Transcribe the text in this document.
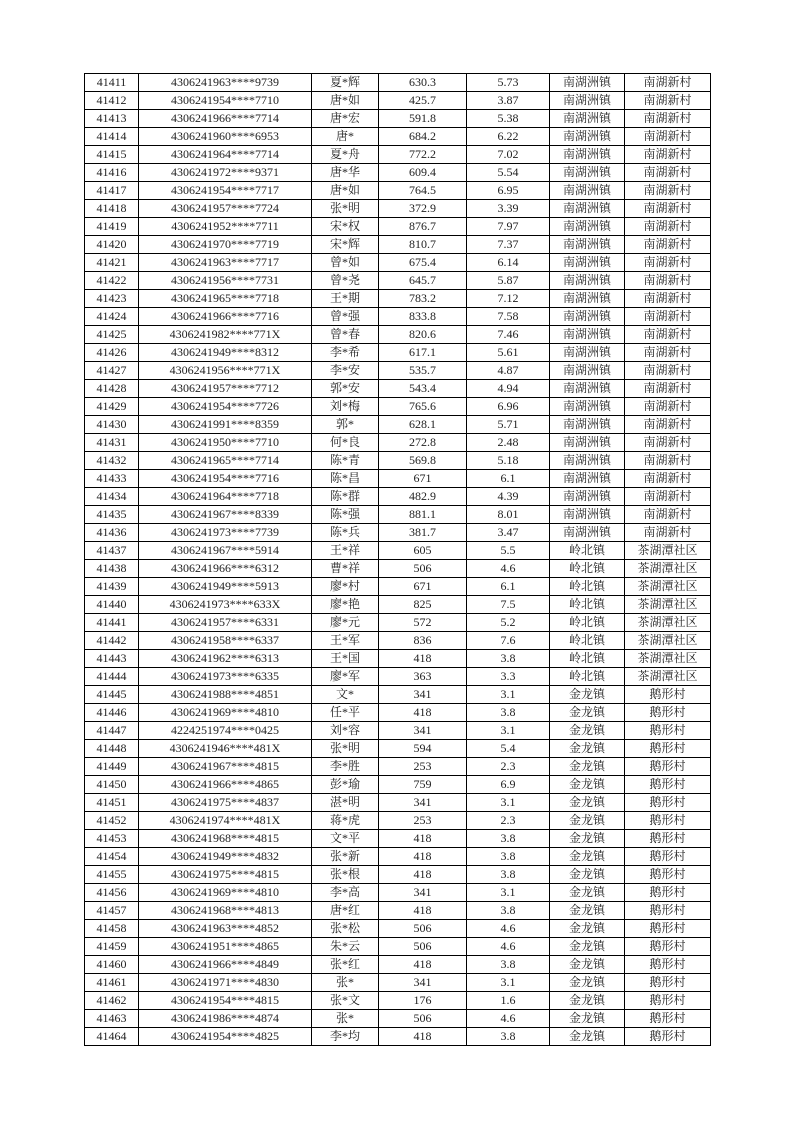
41411	4306241963****9739	夏*辉	630.3	5.73	南湖洲镇	南湖新村
41412	4306241954****7710	唐*如	425.7	3.87	南湖洲镇	南湖新村
41413	4306241966****7714	唐*宏	591.8	5.38	南湖洲镇	南湖新村
41414	4306241960****6953	唐*	684.2	6.22	南湖洲镇	南湖新村
41415	4306241964****7714	夏*舟	772.2	7.02	南湖洲镇	南湖新村
41416	4306241972****9371	唐*华	609.4	5.54	南湖洲镇	南湖新村
41417	4306241954****7717	唐*如	764.5	6.95	南湖洲镇	南湖新村
41418	4306241957****7724	张*明	372.9	3.39	南湖洲镇	南湖新村
41419	4306241952****7711	宋*权	876.7	7.97	南湖洲镇	南湖新村
41420	4306241970****7719	宋*辉	810.7	7.37	南湖洲镇	南湖新村
41421	4306241963****7717	曾*如	675.4	6.14	南湖洲镇	南湖新村
41422	4306241956****7731	曾*尧	645.7	5.87	南湖洲镇	南湖新村
41423	4306241965****7718	王*期	783.2	7.12	南湖洲镇	南湖新村
41424	4306241966****7716	曾*强	833.8	7.58	南湖洲镇	南湖新村
41425	4306241982****771X	曾*春	820.6	7.46	南湖洲镇	南湖新村
41426	4306241949****8312	李*希	617.1	5.61	南湖洲镇	南湖新村
41427	4306241956****771X	李*安	535.7	4.87	南湖洲镇	南湖新村
41428	4306241957****7712	郭*安	543.4	4.94	南湖洲镇	南湖新村
41429	4306241954****7726	刘*梅	765.6	6.96	南湖洲镇	南湖新村
41430	4306241991****8359	郭*	628.1	5.71	南湖洲镇	南湖新村
41431	4306241950****7710	何*良	272.8	2.48	南湖洲镇	南湖新村
41432	4306241965****7714	陈*青	569.8	5.18	南湖洲镇	南湖新村
41433	4306241954****7716	陈*昌	671	6.1	南湖洲镇	南湖新村
41434	4306241964****7718	陈*群	482.9	4.39	南湖洲镇	南湖新村
41435	4306241967****8339	陈*强	881.1	8.01	南湖洲镇	南湖新村
41436	4306241973****7739	陈*兵	381.7	3.47	南湖洲镇	南湖新村
41437	4306241967****5914	王*祥	605	5.5	岭北镇	茶湖潭社区
41438	4306241966****6312	曹*祥	506	4.6	岭北镇	茶湖潭社区
41439	4306241949****5913	廖*村	671	6.1	岭北镇	茶湖潭社区
41440	4306241973****633X	廖*艳	825	7.5	岭北镇	茶湖潭社区
41441	4306241957****6331	廖*元	572	5.2	岭北镇	茶湖潭社区
41442	4306241958****6337	王*军	836	7.6	岭北镇	茶湖潭社区
41443	4306241962****6313	王*国	418	3.8	岭北镇	茶湖潭社区
41444	4306241973****6335	廖*军	363	3.3	岭北镇	茶湖潭社区
41445	4306241988****4851	文*	341	3.1	金龙镇	鹅形村
41446	4306241969****4810	任*平	418	3.8	金龙镇	鹅形村
41447	4224251974****0425	刘*容	341	3.1	金龙镇	鹅形村
41448	4306241946****481X	张*明	594	5.4	金龙镇	鹅形村
41449	4306241967****4815	李*胜	253	2.3	金龙镇	鹅形村
41450	4306241966****4865	彭*瑜	759	6.9	金龙镇	鹅形村
41451	4306241975****4837	湛*明	341	3.1	金龙镇	鹅形村
41452	4306241974****481X	蒋*虎	253	2.3	金龙镇	鹅形村
41453	4306241968****4815	文*平	418	3.8	金龙镇	鹅形村
41454	4306241949****4832	张*新	418	3.8	金龙镇	鹅形村
41455	4306241975****4815	张*根	418	3.8	金龙镇	鹅形村
41456	4306241969****4810	李*高	341	3.1	金龙镇	鹅形村
41457	4306241968****4813	唐*红	418	3.8	金龙镇	鹅形村
41458	4306241963****4852	张*松	506	4.6	金龙镇	鹅形村
41459	4306241951****4865	朱*云	506	4.6	金龙镇	鹅形村
41460	4306241966****4849	张*红	418	3.8	金龙镇	鹅形村
41461	4306241971****4830	张*	341	3.1	金龙镇	鹅形村
41462	4306241954****4815	张*文	176	1.6	金龙镇	鹅形村
41463	4306241986****4874	张*	506	4.6	金龙镇	鹅形村
41464	4306241954****4825	李*均	418	3.8	金龙镇	鹅形村
